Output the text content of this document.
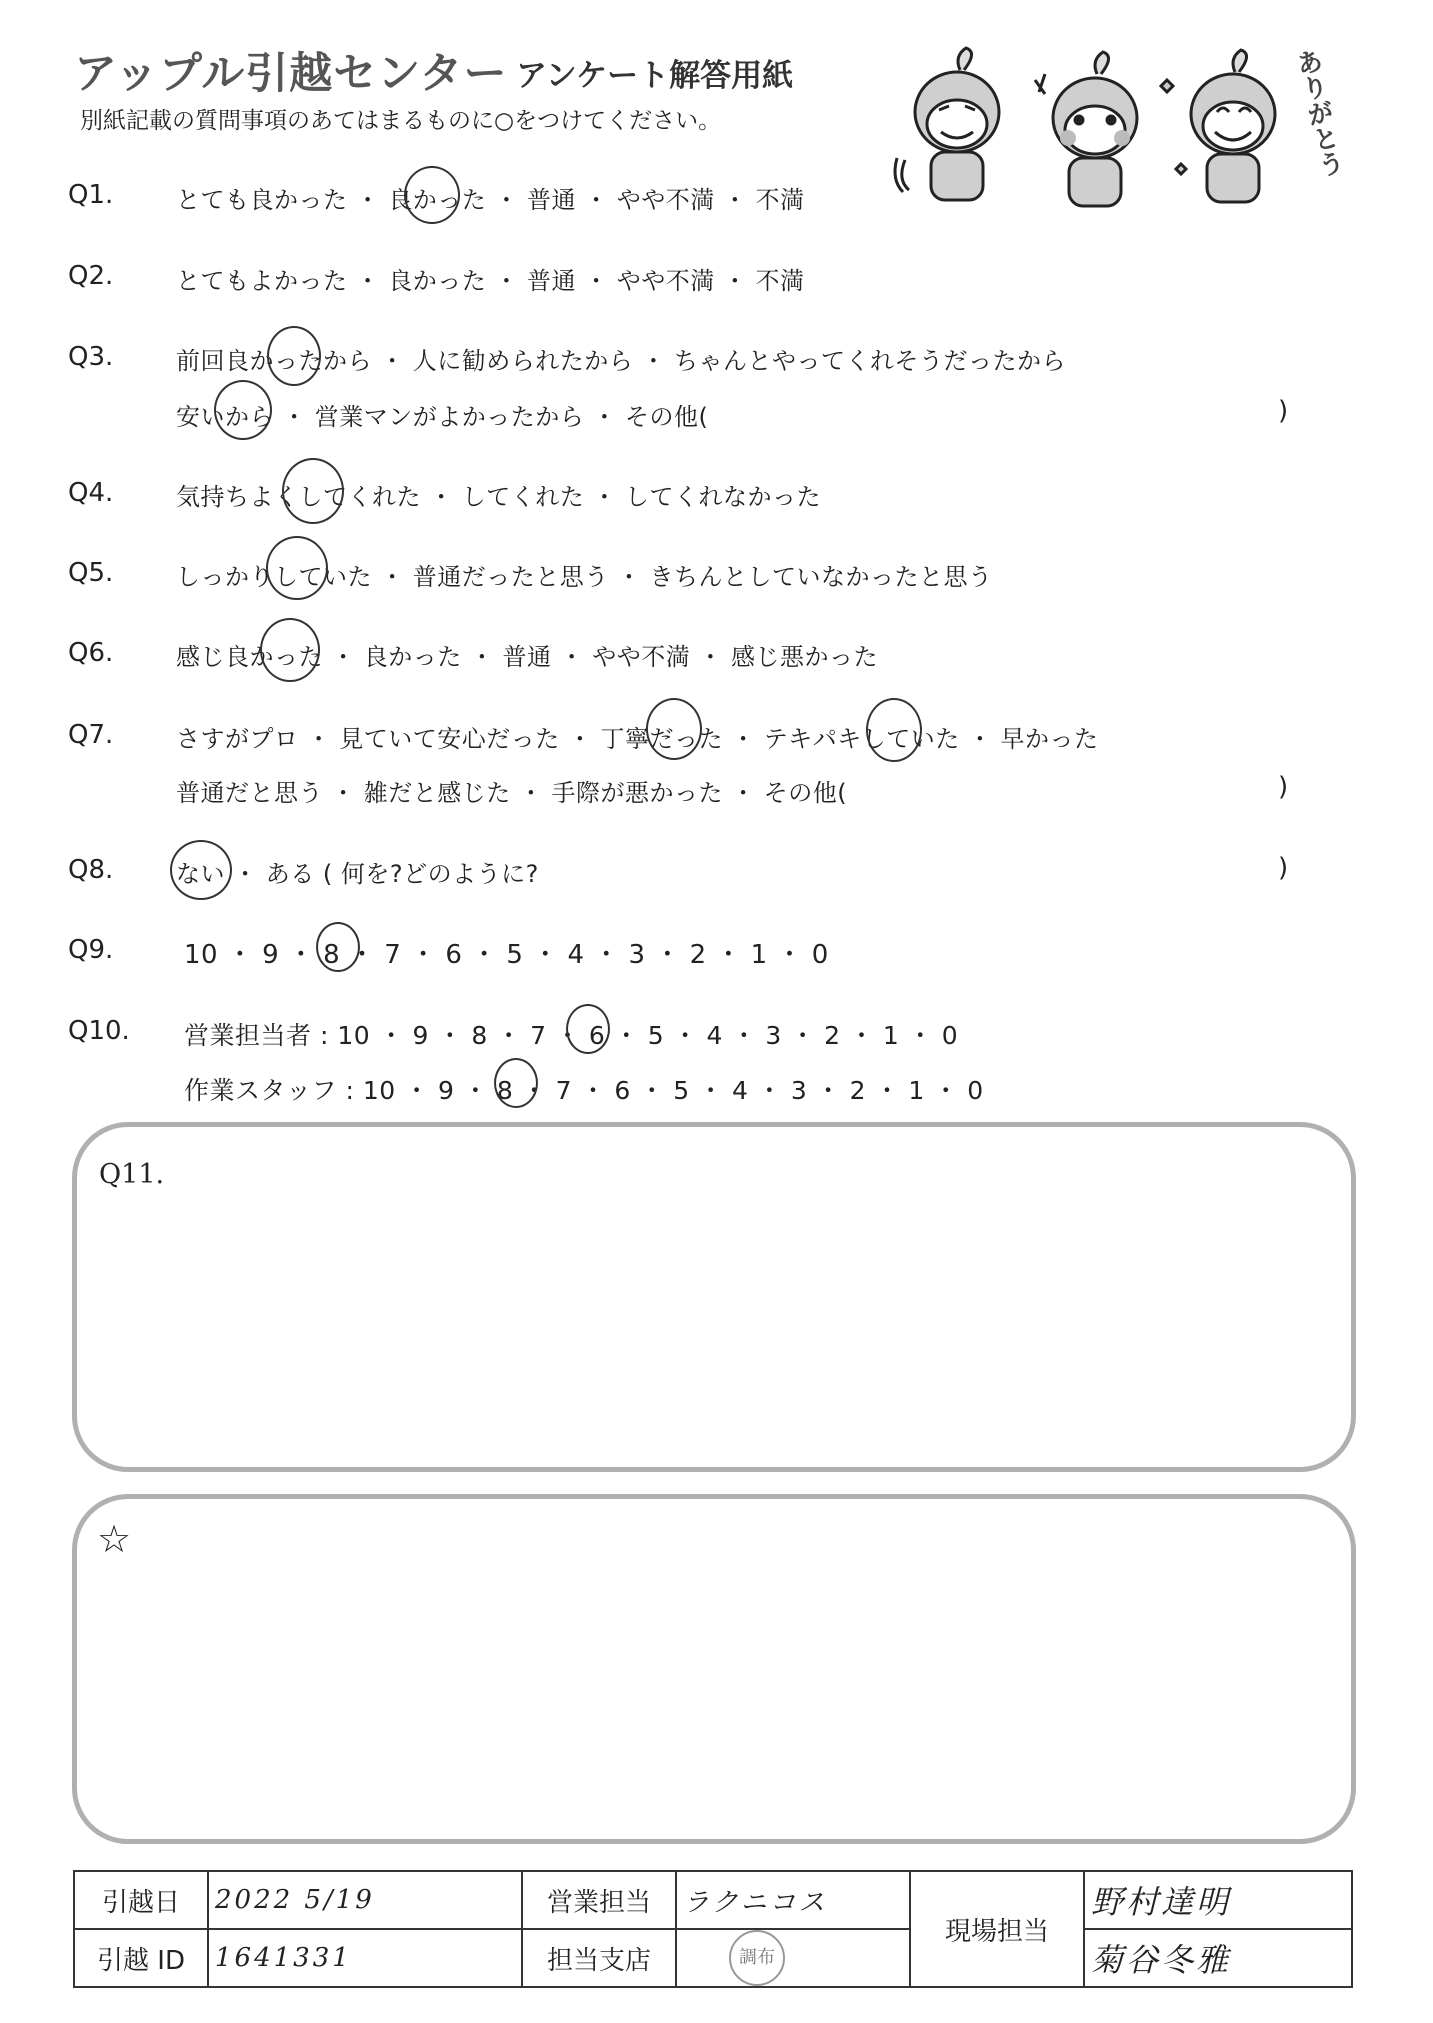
アップル引越センター アンケート解答用紙
別紙記載の質問事項のあてはまるものに○をつけてください。	ありがとう
Q1.	とても良かった ・ 良かった ・ 普通 ・ やや不満 ・ 不満
Q2.	とてもよかった ・ 良かった ・ 普通 ・ やや不満 ・ 不満
Q3.	前回良かったから ・ 人に勧められたから ・ ちゃんとやってくれそうだったから
安いから ・ 営業マンがよかったから ・ その他(	)
Q4.	気持ちよくしてくれた ・ してくれた ・ してくれなかった
Q5.	しっかりしていた ・ 普通だったと思う ・ きちんとしていなかったと思う
Q6.	感じ良かった ・ 良かった ・ 普通 ・ やや不満 ・ 感じ悪かった
Q7.	さすがプロ ・ 見ていて安心だった ・ 丁寧だった ・ テキパキしていた ・ 早かった
普通だと思う ・ 雑だと感じた ・ 手際が悪かった ・ その他(	)
Q8.	ない ・ ある ( 何を?どのように?	)
Q9.	10 ・ 9 ・ 8 ・ 7 ・ 6 ・ 5 ・ 4 ・ 3 ・ 2 ・ 1 ・ 0
Q10. 営業担当者 : 10 ・ 9 ・ 8 ・ 7 ・ 6 ・ 5 ・ 4 ・ 3 ・ 2 ・ 1 ・ 0
作業スタッフ : 10 ・ 9 ・ 8 ・ 7 ・ 6 ・ 5 ・ 4 ・ 3 ・ 2 ・ 1 ・ 0
Q11.
☆
引越日	2022 5/19	営業担当	ラクニコス	現場担当	野村達明
引越 ID	1641331	担当支店	調布		菊谷冬雅
